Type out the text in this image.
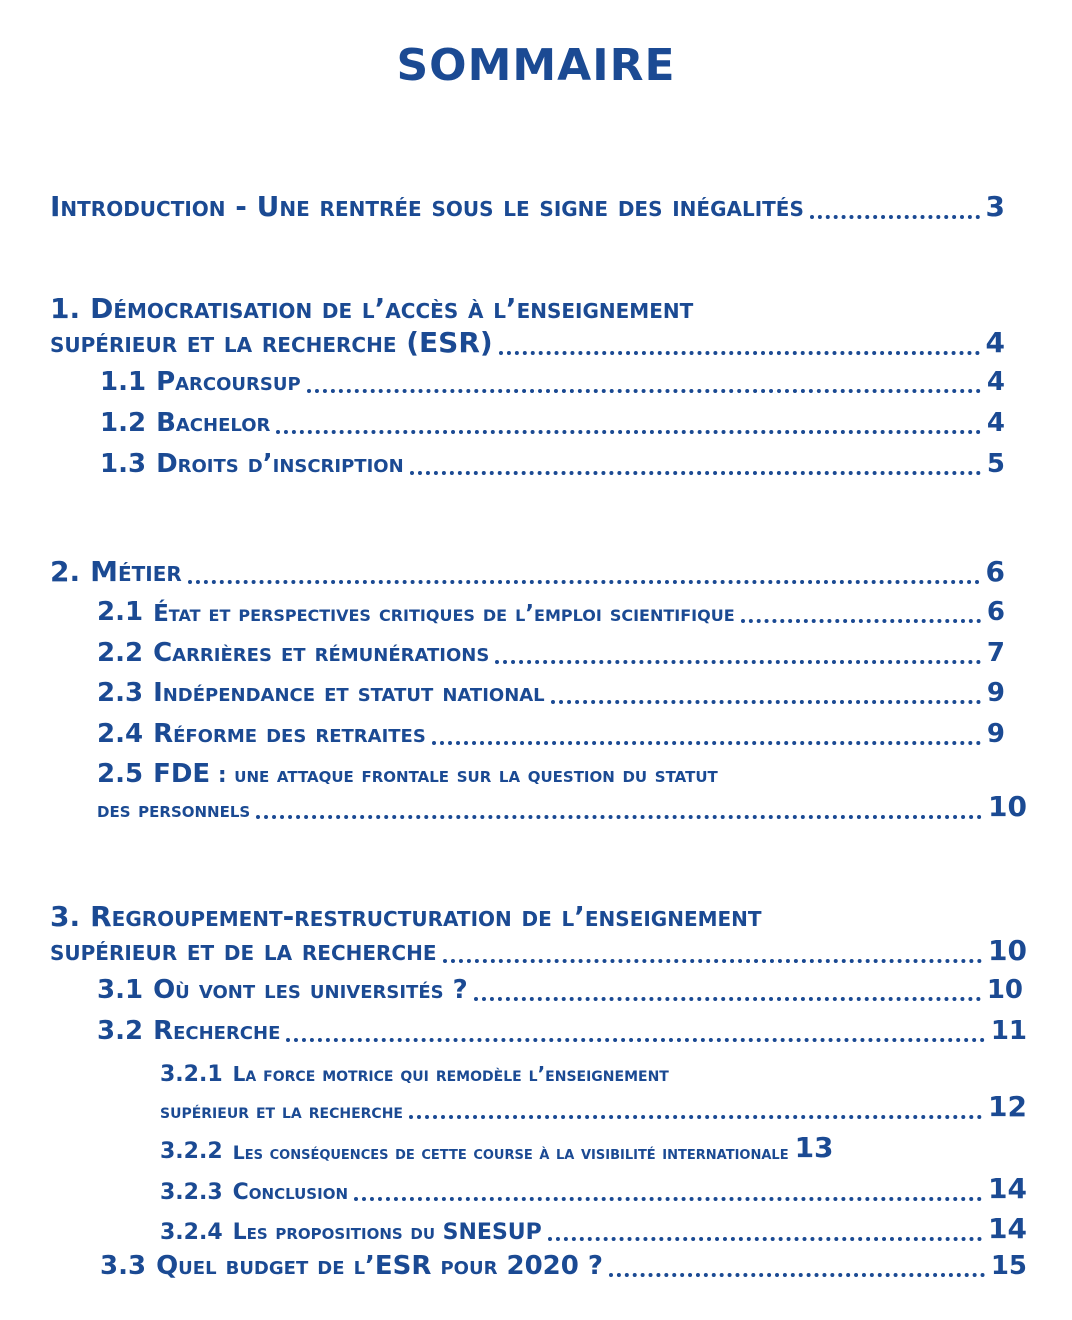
SOMMAIRE
Introduction - Une rentrée sous le signe des inégalités	3
1. Démocratisation de l’accès à l’enseignement
supérieur et la recherche (ESR)	4
1.1 Parcoursup	4
1.2 Bachelor	4
1.3 Droits d’inscription	5
2. Métier	6
2.1 État et perspectives critiques de l’emploi scientifique	6
2.2 Carrières et rémunérations	7
2.3 Indépendance et statut national	9
2.4 Réforme des retraites	9
2.5 FDE : une attaque frontale sur la question du statut
des personnels	10
3. Regroupement-restructuration de l’enseignement
supérieur et de la recherche	10
3.1 Où vont les universités ?	10
3.2 Recherche	11
3.2.1 La force motrice qui remodèle l’enseignement
supérieur et la recherche	12
3.2.2 Les conséquences de cette course à la visibilité internationale 13
3.2.3 Conclusion	14
3.2.4 Les propositions du SNESUP	14
3.3 Quel budget de l’ESR pour 2020 ?	15
